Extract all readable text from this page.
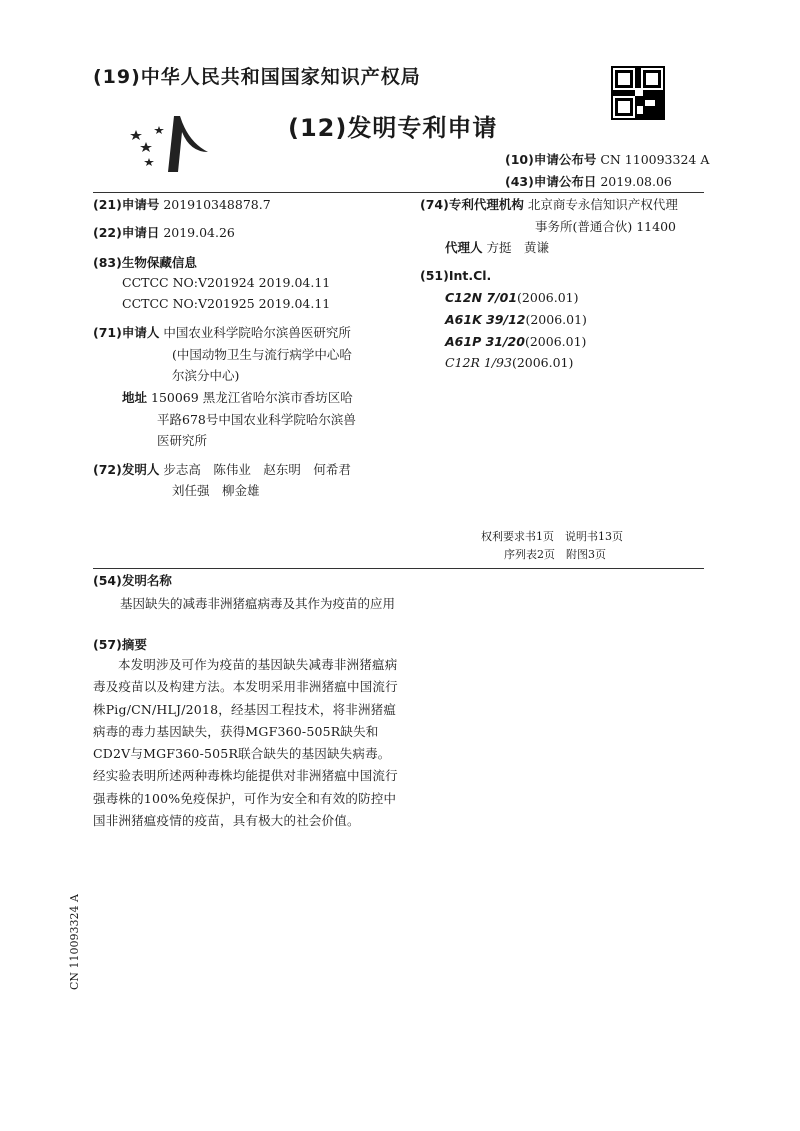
(19)中华人民共和国国家知识产权局
(12)发明专利申请
(10)申请公布号 CN 110093324 A
(43)申请公布日 2019.08.06
(21)申请号 201910348878.7
(22)申请日 2019.04.26
(83)生物保藏信息
CCTCC NO:V201924 2019.04.11
CCTCC NO:V201925 2019.04.11
(71)申请人 中国农业科学院哈尔滨兽医研究所
(中国动物卫生与流行病学中心哈
尔滨分中心)
地址 150069 黑龙江省哈尔滨市香坊区哈
平路678号中国农业科学院哈尔滨兽
医研究所
(72)发明人 步志高　陈伟业　赵东明　何希君
刘任强　柳金雄
(74)专利代理机构 北京商专永信知识产权代理
事务所(普通合伙) 11400
代理人 方挺　黄谦
(51)Int.Cl.
C12N 7/01(2006.01)
A61K 39/12(2006.01)
A61P 31/20(2006.01)
C12R 1/93(2006.01)
权利要求书1页　说明书13页
序列表2页　附图3页
(54)发明名称
基因缺失的减毒非洲猪瘟病毒及其作为疫苗的应用
(57)摘要
本发明涉及可作为疫苗的基因缺失减毒非洲猪瘟病毒及疫苗以及构建方法。本发明采用非洲猪瘟中国流行株Pig/CN/HLJ/2018，经基因工程技术，将非洲猪瘟病毒的毒力基因缺失，获得MGF360-505R缺失和CD2V与MGF360-505R联合缺失的基因缺失病毒。经实验表明所述两种毒株均能提供对非洲猪瘟中国流行强毒株的100%免疫保护，可作为安全和有效的防控中国非洲猪瘟疫情的疫苗，具有极大的社会价值。
CN 110093324 A
